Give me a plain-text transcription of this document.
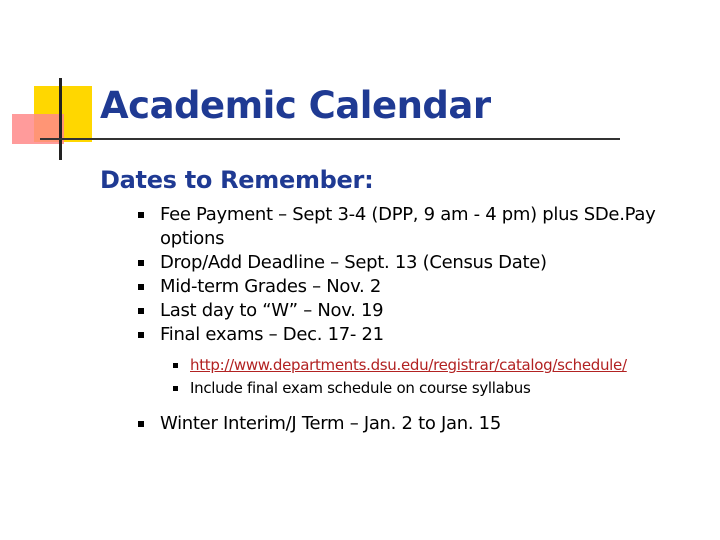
Academic Calendar
Dates to Remember:
Fee Payment – Sept 3-4 (DPP, 9 am - 4 pm) plus SDe.Pay options
Drop/Add Deadline – Sept. 13 (Census Date)
Mid-term Grades – Nov. 2
Last day to “W” – Nov. 19
Final exams – Dec. 17- 21
http://www.departments.dsu.edu/registrar/catalog/schedule/
Include final exam schedule on course syllabus
Winter Interim/J Term – Jan. 2 to Jan. 15
